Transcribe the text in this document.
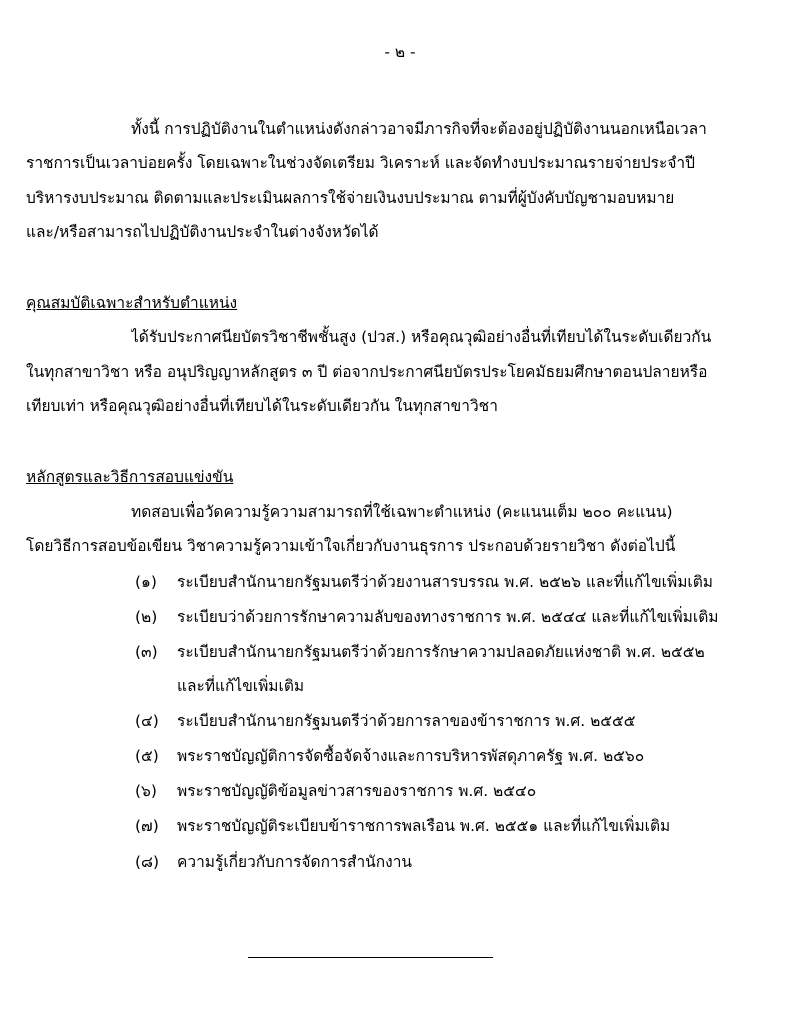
- ๒ -
ทั้งนี้ การปฏิบัติงานในตำแหน่งดังกล่าวอาจมีภารกิจที่จะต้องอยู่ปฏิบัติงานนอกเหนือเวลา
ราชการเป็นเวลาบ่อยครั้ง โดยเฉพาะในช่วงจัดเตรียม วิเคราะห์ และจัดทำงบประมาณรายจ่ายประจำปี
บริหารงบประมาณ ติดตามและประเมินผลการใช้จ่ายเงินงบประมาณ ตามที่ผู้บังคับบัญชามอบหมาย
และ/หรือสามารถไปปฏิบัติงานประจำในต่างจังหวัดได้
คุณสมบัติเฉพาะสำหรับตำแหน่ง
ได้รับประกาศนียบัตรวิชาชีพชั้นสูง (ปวส.) หรือคุณวุฒิอย่างอื่นที่เทียบได้ในระดับเดียวกัน
ในทุกสาขาวิชา หรือ อนุปริญญาหลักสูตร ๓ ปี ต่อจากประกาศนียบัตรประโยคมัธยมศึกษาตอนปลายหรือ
เทียบเท่า หรือคุณวุฒิอย่างอื่นที่เทียบได้ในระดับเดียวกัน ในทุกสาขาวิชา
หลักสูตรและวิธีการสอบแข่งขัน
ทดสอบเพื่อวัดความรู้ความสามารถที่ใช้เฉพาะตำแหน่ง (คะแนนเต็ม ๒๐๐ คะแนน)
โดยวิธีการสอบข้อเขียน วิชาความรู้ความเข้าใจเกี่ยวกับงานธุรการ ประกอบด้วยรายวิชา ดังต่อไปนี้
(๑) ระเบียบสำนักนายกรัฐมนตรีว่าด้วยงานสารบรรณ พ.ศ. ๒๕๒๖ และที่แก้ไขเพิ่มเติม
(๒) ระเบียบว่าด้วยการรักษาความลับของทางราชการ พ.ศ. ๒๕๔๔ และที่แก้ไขเพิ่มเติม
(๓) ระเบียบสำนักนายกรัฐมนตรีว่าด้วยการรักษาความปลอดภัยแห่งชาติ พ.ศ. ๒๕๕๒
และที่แก้ไขเพิ่มเติม
(๔) ระเบียบสำนักนายกรัฐมนตรีว่าด้วยการลาของข้าราชการ พ.ศ. ๒๕๕๕
(๕) พระราชบัญญัติการจัดซื้อจัดจ้างและการบริหารพัสดุภาครัฐ พ.ศ. ๒๕๖๐
(๖) พระราชบัญญัติข้อมูลข่าวสารของราชการ พ.ศ. ๒๕๔๐
(๗) พระราชบัญญัติระเบียบข้าราชการพลเรือน พ.ศ. ๒๕๕๑ และที่แก้ไขเพิ่มเติม
(๘) ความรู้เกี่ยวกับการจัดการสำนักงาน
